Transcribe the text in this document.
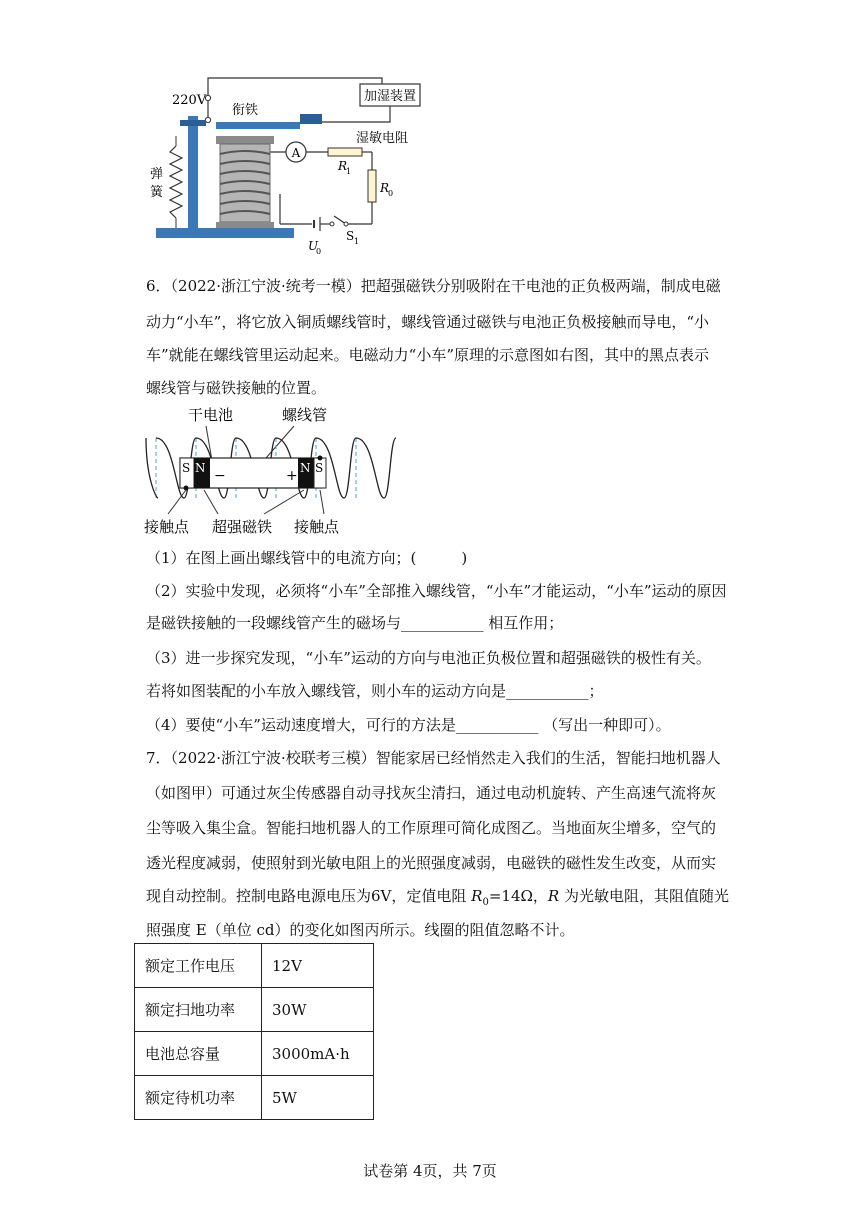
加湿装置
220V
衔铁
弹
簧
A
湿敏电阻
R
1
R
0
S 1
U
0
6．（2022·浙江宁波·统考一模）把超强磁铁分别吸附在干电池的正负极两端，制成电磁
动力“小车”，将它放入铜质螺线管时，螺线管通过磁铁与电池正负极接触而导电，“小
车”就能在螺线管里运动起来。电磁动力“小车”原理的示意图如右图，其中的黑点表示
螺线管与磁铁接触的位置。
干电池	螺线管
S N −	+ N S
接触点 超强磁铁 接触点
（1）在图上画出螺线管中的电流方向；(　　　)
（2）实验中发现，必须将“小车”全部推入螺线管，“小车”才能运动，“小车”运动的原因
是磁铁接触的一段螺线管产生的磁场与___________ 相互作用；
（3）进一步探究发现，“小车”运动的方向与电池正负极位置和超强磁铁的极性有关。
若将如图装配的小车放入螺线管，则小车的运动方向是___________；
（4）要使“小车”运动速度增大，可行的方法是___________ （写出一种即可）。
7．（2022·浙江宁波·校联考三模）智能家居已经悄然走入我们的生活，智能扫地机器人
（如图甲）可通过灰尘传感器自动寻找灰尘清扫，通过电动机旋转、产生高速气流将灰
尘等吸入集尘盒。智能扫地机器人的工作原理可简化成图乙。当地面灰尘增多，空气的
透光程度减弱，使照射到光敏电阻上的光照强度减弱，电磁铁的磁性发生改变，从而实
现自动控制。控制电路电源电压为6V，定值电阻 $R_0=14\Omega$，R 为光敏电阻，其阻值随光
照强度 E（单位 cd）的变化如图丙所示。线圈的阻值忽略不计。
额定工作电压	12V
额定扫地功率	30W
电池总容量	3000mA·h
额定待机功率	5W
试卷第 4页，共 7页
